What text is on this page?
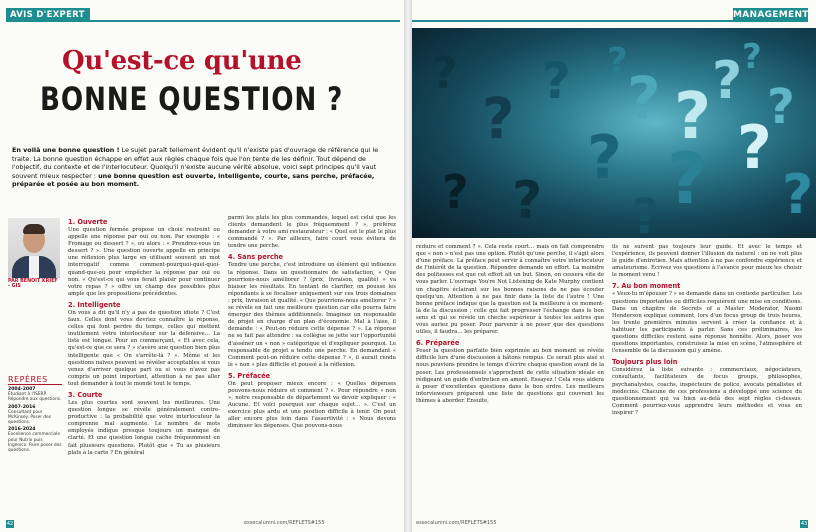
AVIS D'EXPERT
Qu'est-ce qu'une
BONNE QUESTION ?
En voilà une bonne question ! Le sujet paraît tellement évident qu'il n'existe pas d'ouvrage de référence qui le traite. La bonne question échappe en effet aux règles chaque fois que l'on tente de les définir. Tout dépend de l'objectif, du contexte et de l'interlocuteur. Quoiqu'il n'existe aucune vérité absolue, voici sept principes qu'il vaut souvent mieux respecter : une bonne question est ouverte, intelligente, courte, sans perche, préfacée, préparée et posée au bon moment.
PAR BENOIT KRIEF - GIS
REPÈRES
2004-2007
Étudiant à l'ISERP. Répondre aux questions.
2007-2016
Consultant pour McKinsey. Poser des questions.
2016-2024
Excellence commerciale pour Nutrix puis Ingenico. Faire poser des questions.
1. Ouverte

Une question fermée propose un choix restreint ou appelle une réponse par oui ou non. Par exemple : « Fromage ou dessert ? », ou alors : « Prendrez-vous un dessert ? ». Une question ouverte appelle en principe une réflexion plus large en utilisant souvent un mot interrogatif comme comment-pourquoi-quel-quoi-quand-que-où pour empêcher la réponse par oui ou non. « Qu'est-ce qui vous ferait plaisir pour continuer votre repas ? » offre un champ des possibles plus ample que les propositions précédentes.

2. Intelligente

On vous a dit qu'il n'y a pas de question idiote ? C'est faux. Celles dont vous devriez connaître la réponse, celles qui font perdre du temps, celles qui mettent inutilement votre interlocuteur sur la défensive… La liste est longue. Pour un commerçant, « Et avec cela, qu'est-ce que ce sera ? » s'avère une question bien plus intelligente que « On s'arrête-là ? ». Même si les questions naïves peuvent se révéler acceptables si vous venez d'arriver quelque part ou si vous n'avez pas compris un point important, attention à ne pas aller tout demander à tout le monde tout le temps.

3. Courte

Les plus courtes sont souvent les meilleures. Une question longue se révèle généralement contre-productive : la probabilité que votre interlocuteur la comprenne mal augmente. Le nombre de mots employés indique presque toujours un manque de clarté. Et une question longue cache fréquemment en fait plusieurs questions. Plutôt que « Tu as plusieurs plats à la carte ? En général

parmi les plats les plus commandés, lequel est celui que les clients demandent le plus fréquemment ? », préférez demander à votre ami restaurateur : « Quel est le plat le plus commandé ? ». Par ailleurs, faire court vous évitera de tendre une perche.

4. Sans perche

Tendre une perche, c'est introduire un élément qui influence la réponse. Dans un questionnaire de satisfaction, « Que pourrions-nous améliorer ? (prix, livraison, qualité) » va biaiser les résultats. En tentant de clarifier, on pousse les répondants à se focaliser uniquement sur ces trois domaines : prix, livraison et qualité. « Que pourrions-nous améliorer ? » se révèle en fait une meilleure question car elle pourra faire émerger des thèmes additionnels. Imaginez un responsable de projet en charge d'un plan d'économie. Mal à l'aise, il demande : « Peut-on réduire cette dépense ? ». La réponse ne se fait pas attendre : sa collègue se jette sur l'opportunité d'asséner un « non » catégorique et d'expliquer pourquoi. Le responsable de projet a tendu une perche. En demandant « Comment peut-on réduire cette dépense ? », il aurait rendu le « non » plus difficile et poussé à la réflexion.

5. Préfacée

On peut proposer mieux encore : « Quelles dépenses pouvons-nous réduire et comment ? ». Pour répondre « non », notre responsable de département va devoir expliquer : « Aucune. Et voici pourquoi sur chaque sujet… ». C'est un exercice plus ardu et une position difficile à tenir. On peut aller encore plus loin dans l'assertivité : « Nous devons diminuer les dépenses. Que pouvons-nous

42	essecalumni.com/REFLETS#155
MANAGEMENT
?
?
?
?
?
?
? ?
?
?
?
?
?	?
?	?

réduire et comment ? ». Cela reste court… mais on fait comprendre que « non » n'est pas une option. Plutôt qu'une perche, il s'agit alors d'une préface. La préface peut servir à connaître votre interlocuteur de l'intérêt de la question. Répondre demande un effort. La moindre des politesses est que cet effort ait un but. Sinon, on cessera vite de vous parler. L'ouvrage You're Not Listening de Kate Murphy contient un chapitre éclairant sur les bonnes raisons de ne pas écouter quelqu'un. Attention à ne pas finir dans la liste de l'autre ! Une bonne préface indique que la question est la meilleure à ce moment-là de la discussion ; celle qui fait progresser l'échange dans le bon sens et qui se révèle un cheche supérieur à toutes les autres que vous auriez pu poser. Pour parvenir à ne poser que des questions utiles, il faudra… les préparer.

6. Préparée

Poser la question parfaite bien exprimée au bon moment se révèle difficile lors d'une discussion à bâtons rompus. Ce serait plus aisé si nous pouvions prendre le temps d'écrire chaque question avant de la poser. Les professionnels s'approchent de cette situation idéale en rédigeant un guide d'entretien en amont. Essayez ! Cela vous aidera à poser d'excellentes questions dans le bon ordre. Les meilleurs intervieweurs préparent une liste de questions qui couvrent les thèmes à aborder. Ensuite,

ils ne suivent pas toujours leur guide. Et avec le temps et l'expérience, ils peuvent donner l'illusion du naturel : on ne voit plus le guide d'entretien. Mais attention à ne pas confondre expérience et amateurisme. Écrivez vos questions à l'avance pour mieux les choisir le moment venu !

7. Au bon moment

« Veux-tu m'épouser ? » se demande dans un contexte particulier. Les questions importantes ou difficiles requièrent une mise en conditions. Dans un chapitre de Secrets of a Master Moderator, Naomi Henderson explique comment, lors d'un focus group de trois heures, les trente premières minutes servent à créer la confiance et à habituer les participants à parler. Sans ces préliminaires, les questions difficiles restent sans réponse honnête. Alors, poser vos questions importantes, construisez la mise en scène, l'atmosphère et l'ensemble de la discussion qui y amène.

Toujours plus loin

Considérez la liste suivante : commerciaux, négociateurs, consultants, facilitateurs de focus groups, philosophes, psychanalystes, coachs, inspecteurs de police, avocats pénalistes et médecins. Chacune de ces professions a développé une science du questionnement qui va bien au-delà des sept règles ci-dessus. Comment pourriez-vous apprendre leurs méthodes et vous en inspirer ?

essecalumni.com/REFLETS#155	43
